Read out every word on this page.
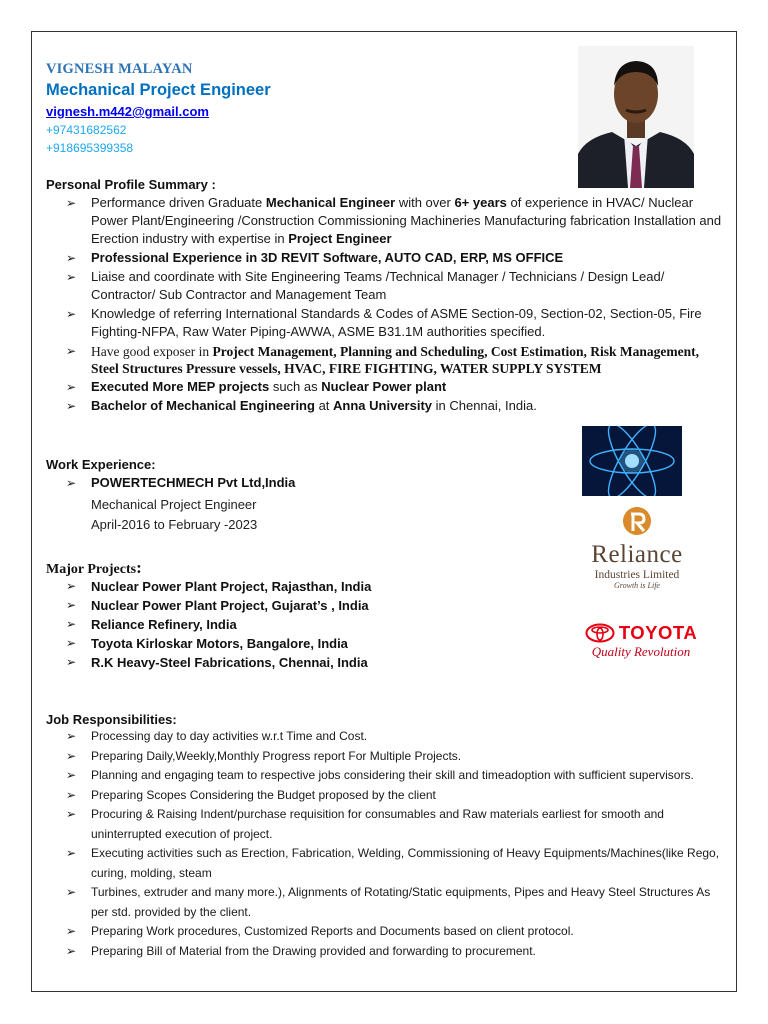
VIGNESH MALAYAN
Mechanical Project Engineer
vignesh.m442@gmail.com
+97431682562
+918695399358
Personal Profile Summary :
➢ Performance driven Graduate Mechanical Engineer with over 6+ years of experience in HVAC/ Nuclear Power Plant/Engineering /Construction Commissioning Machineries Manufacturing fabrication Installation and Erection industry with expertise in Project Engineer
➢ Professional Experience in 3D REVIT Software, AUTO CAD, ERP, MS OFFICE
➢ Liaise and coordinate with Site Engineering Teams /Technical Manager / Technicians / Design Lead/ Contractor/ Sub Contractor and Management Team
➢ Knowledge of referring International Standards & Codes of ASME Section-09, Section-02, Section-05, Fire Fighting-NFPA, Raw Water Piping-AWWA, ASME B31.1M authorities specified.
➢ Have good exposer in Project Management, Planning and Scheduling, Cost Estimation, Risk Management, Steel Structures Pressure vessels, HVAC, FIRE FIGHTING, WATER SUPPLY SYSTEM
➢ Executed More MEP projects such as Nuclear Power plant
➢ Bachelor of Mechanical Engineering at Anna University in Chennai, India.
Work Experience:
➢ POWERTECHMECH Pvt Ltd,India
Mechanical Project Engineer
April-2016 to February -2023
Major Projects:
➢ Nuclear Power Plant Project, Rajasthan, India
➢ Nuclear Power Plant Project, Gujarat’s , India
➢ Reliance Refinery, India
➢ Toyota Kirloskar Motors, Bangalore, India
➢ R.K Heavy-Steel Fabrications, Chennai, India
Job Responsibilities:
➢ Processing day to day activities w.r.t Time and Cost.
➢ Preparing Daily,Weekly,Monthly Progress report For Multiple Projects.
➢ Planning and engaging team to respective jobs considering their skill and timeadoption with sufficient supervisors.
➢ Preparing Scopes Considering the Budget proposed by the client
➢ Procuring & Raising Indent/purchase requisition for consumables and Raw materials earliest for smooth and uninterrupted execution of project.
➢ Executing activities such as Erection, Fabrication, Welding, Commissioning of Heavy Equipments/Machines(like Rego, curing, molding, steam
➢ Turbines, extruder and many more.), Alignments of Rotating/Static equipments, Pipes and Heavy Steel Structures As per std. provided by the client.
➢ Preparing Work procedures, Customized Reports and Documents based on client protocol.
➢ Preparing Bill of Material from the Drawing provided and forwarding to procurement.
Reliance
Industries Limited
Growth is Life
TOYOTA
Quality Revolution
